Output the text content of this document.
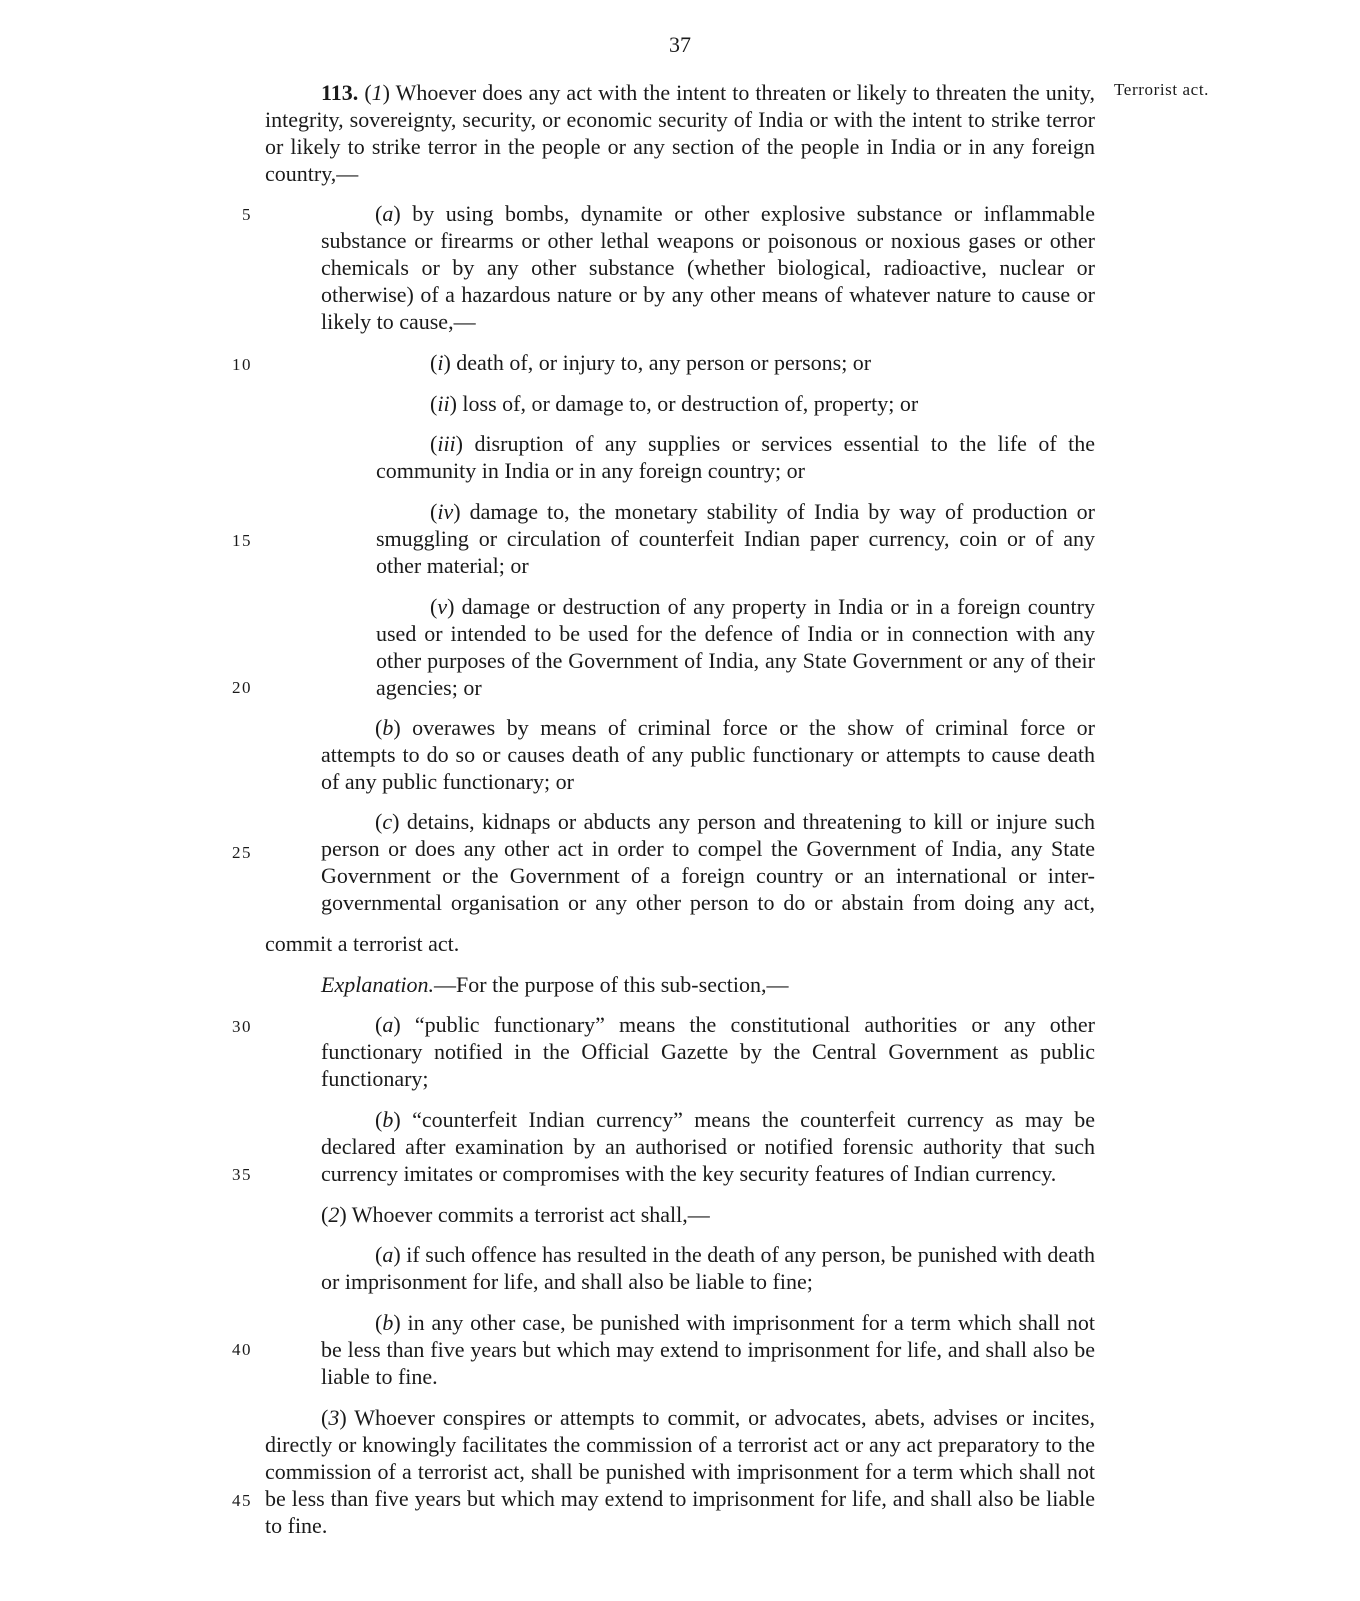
37
Terrorist act.
5
10
15
20
25
30
35
40
45

113. (1) Whoever does any act with the intent to threaten or likely to threaten the unity, integrity, sovereignty, security, or economic security of India or with the intent to strike terror or likely to strike terror in the people or any section of the people in India or in any foreign country,—

(a) by using bombs, dynamite or other explosive substance or inflammable substance or firearms or other lethal weapons or poisonous or noxious gases or other chemicals or by any other substance (whether biological, radioactive, nuclear or otherwise) of a hazardous nature or by any other means of whatever nature to cause or likely to cause,—

(i) death of, or injury to, any person or persons; or

(ii) loss of, or damage to, or destruction of, property; or

(iii) disruption of any supplies or services essential to the life of the community in India or in any foreign country; or

(iv) damage to, the monetary stability of India by way of production or smuggling or circulation of counterfeit Indian paper currency, coin or of any other material; or

(v) damage or destruction of any property in India or in a foreign country used or intended to be used for the defence of India or in connection with any other purposes of the Government of India, any State Government or any of their agencies; or

(b) overawes by means of criminal force or the show of criminal force or attempts to do so or causes death of any public functionary or attempts to cause death of any public functionary; or

(c) detains, kidnaps or abducts any person and threatening to kill or injure such person or does any other act in order to compel the Government of India, any State Government or the Government of a foreign country or an international or inter-governmental organisation or any other person to do or abstain from doing any act,

commit a terrorist act.

Explanation.—For the purpose of this sub-section,—

(a) “public functionary” means the constitutional authorities or any other functionary notified in the Official Gazette by the Central Government as public functionary;

(b) “counterfeit Indian currency” means the counterfeit currency as may be declared after examination by an authorised or notified forensic authority that such currency imitates or compromises with the key security features of Indian currency.

(2) Whoever commits a terrorist act shall,—

(a) if such offence has resulted in the death of any person, be punished with death or imprisonment for life, and shall also be liable to fine;

(b) in any other case, be punished with imprisonment for a term which shall not be less than five years but which may extend to imprisonment for life, and shall also be liable to fine.

(3) Whoever conspires or attempts to commit, or advocates, abets, advises or incites, directly or knowingly facilitates the commission of a terrorist act or any act preparatory to the commission of a terrorist act, shall be punished with imprisonment for a term which shall not be less than five years but which may extend to imprisonment for life, and shall also be liable to fine.
